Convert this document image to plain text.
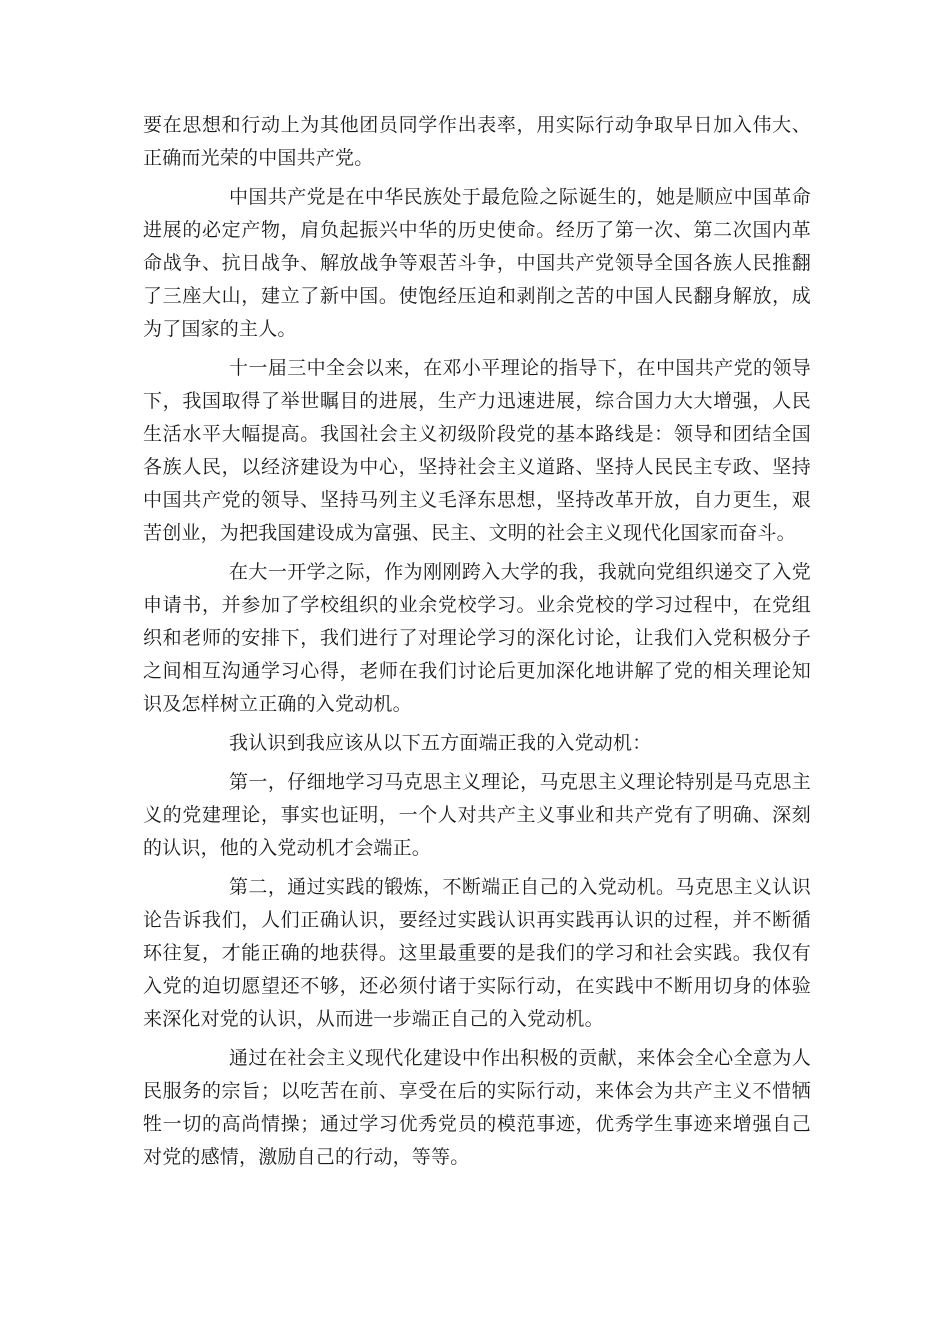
要在思想和行动上为其他团员同学作出表率，用实际行动争取早日加入伟大、正确而光荣的中国共产党。

中国共产党是在中华民族处于最危险之际诞生的，她是顺应中国革命进展的必定产物，肩负起振兴中华的历史使命。经历了第一次、第二次国内革命战争、抗日战争、解放战争等艰苦斗争，中国共产党领导全国各族人民推翻了三座大山，建立了新中国。使饱经压迫和剥削之苦的中国人民翻身解放，成为了国家的主人。

十一届三中全会以来，在邓小平理论的指导下，在中国共产党的领导下，我国取得了举世瞩目的进展，生产力迅速进展，综合国力大大增强，人民生活水平大幅提高。我国社会主义初级阶段党的基本路线是：领导和团结全国各族人民，以经济建设为中心，坚持社会主义道路、坚持人民民主专政、坚持中国共产党的领导、坚持马列主义毛泽东思想，坚持改革开放，自力更生，艰苦创业，为把我国建设成为富强、民主、文明的社会主义现代化国家而奋斗。

在大一开学之际，作为刚刚跨入大学的我，我就向党组织递交了入党申请书，并参加了学校组织的业余党校学习。业余党校的学习过程中，在党组织和老师的安排下，我们进行了对理论学习的深化讨论，让我们入党积极分子之间相互沟通学习心得，老师在我们讨论后更加深化地讲解了党的相关理论知识及怎样树立正确的入党动机。

我认识到我应该从以下五方面端正我的入党动机：

第一，仔细地学习马克思主义理论，马克思主义理论特别是马克思主义的党建理论，事实也证明，一个人对共产主义事业和共产党有了明确、深刻的认识，他的入党动机才会端正。

第二，通过实践的锻炼，不断端正自己的入党动机。马克思主义认识论告诉我们，人们正确认识，要经过实践认识再实践再认识的过程，并不断循环往复，才能正确的地获得。这里最重要的是我们的学习和社会实践。我仅有入党的迫切愿望还不够，还必须付诸于实际行动，在实践中不断用切身的体验来深化对党的认识，从而进一步端正自己的入党动机。

通过在社会主义现代化建设中作出积极的贡献，来体会全心全意为人民服务的宗旨；以吃苦在前、享受在后的实际行动，来体会为共产主义不惜牺牲一切的高尚情操；通过学习优秀党员的模范事迹，优秀学生事迹来增强自己对党的感情，激励自己的行动，等等。
